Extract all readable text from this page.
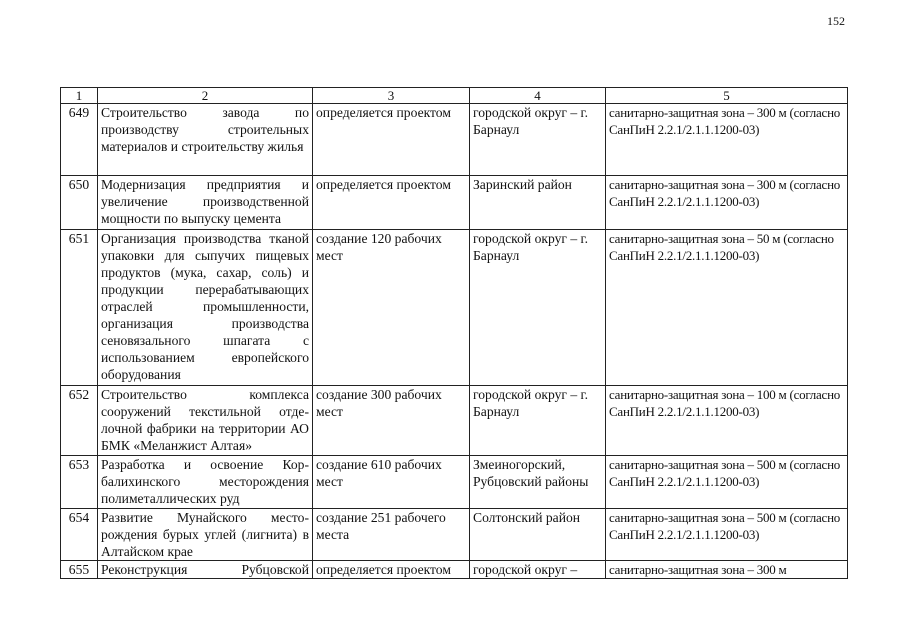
152
1	2	3	4	5
649	Строительство завода по производству строительных материалов и строительству жилья	определяется проектом	городской округ – г. Барнаул	санитарно-защитная зона – 300 м (согласно СанПиН 2.2.1/2.1.1.1200-03)
650	Модернизация предприятия и увеличение производственной мощности по выпуску цемента	определяется проектом	Заринский район	санитарно-защитная зона – 300 м (согласно СанПиН 2.2.1/2.1.1.1200-03)
651	Организация производства тканой упаковки для сыпучих пищевых продуктов (мука, сахар, соль) и продукции перерабатывающих отраслей промышленности, организация производства сеновязального шпагата с использованием европейского оборудования	создание 120 рабочих мест	городской округ – г. Барнаул	санитарно-защитная зона – 50 м (согласно СанПиН 2.2.1/2.1.1.1200-03)
652	Строительство комплекса сооружений текстильной отделочной фабрики на территории АО БМК «Меланжист Алтая»	создание 300 рабочих мест	городской округ – г. Барнаул	санитарно-защитная зона – 100 м (согласно СанПиН 2.2.1/2.1.1.1200-03)
653	Разработка и освоение Корбалихинского месторождения полиметаллических руд	создание 610 рабочих мест	Змеиногорский, Рубцовский районы	санитарно-защитная зона – 500 м (согласно СанПиН 2.2.1/2.1.1.1200-03)
654	Развитие Мунайского месторождения бурых углей (лигнита) в Алтайском крае	создание 251 рабочего места	Солтонский район	санитарно-защитная зона – 500 м (согласно СанПиН 2.2.1/2.1.1.1200-03)
655	Реконструкция Рубцовской	определяется проектом	городской округ –	санитарно-защитная зона – 300 м
